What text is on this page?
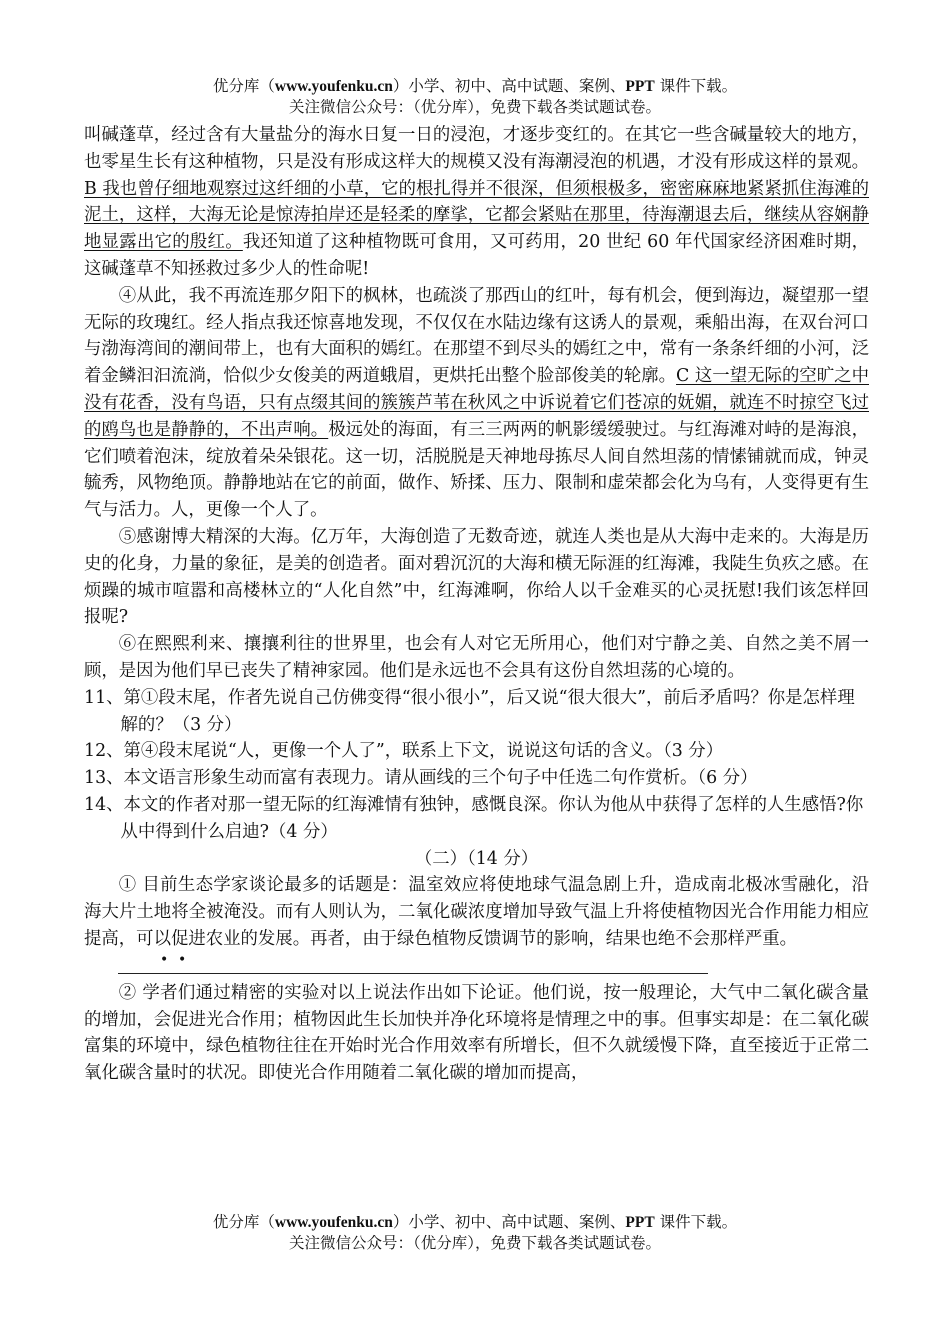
优分库（www.youfenku.cn）小学、初中、高中试题、案例、PPT 课件下载。
关注微信公众号：（优分库），免费下载各类试题试卷。

叫碱蓬草，经过含有大量盐分的海水日复一日的浸泡，才逐步变红的。在其它一些含碱量较大的地方，也零星生长有这种植物，只是没有形成这样大的规模又没有海潮浸泡的机遇，才没有形成这样的景观。B 我也曾仔细地观察过这纤细的小草，它的根扎得并不很深，但须根极多，密密麻麻地紧紧抓住海滩的泥土，这样，大海无论是惊涛拍岸还是轻柔的摩挲，它都会紧贴在那里，待海潮退去后，继续从容娴静地显露出它的殷红。我还知道了这种植物既可食用，又可药用，20 世纪 60 年代国家经济困难时期，这碱蓬草不知拯救过多少人的性命呢!

④从此，我不再流连那夕阳下的枫林，也疏淡了那西山的红叶，每有机会，便到海边，凝望那一望无际的玫瑰红。经人指点我还惊喜地发现，不仅仅在水陆边缘有这诱人的景观，乘船出海，在双台河口与渤海湾间的潮间带上，也有大面积的嫣红。在那望不到尽头的嫣红之中，常有一条条纤细的小河，泛着金鳞汩汩流淌，恰似少女俊美的两道蛾眉，更烘托出整个脸部俊美的轮廓。C 这一望无际的空旷之中没有花香，没有鸟语，只有点缀其间的簇簇芦苇在秋风之中诉说着它们苍凉的妩媚，就连不时掠空飞过的鸥鸟也是静静的，不出声响。极远处的海面，有三三两两的帆影缓缓驶过。与红海滩对峙的是海浪，它们喷着泡沫，绽放着朵朵银花。这一切，活脱脱是天神地母拣尽人间自然坦荡的情愫铺就而成，钟灵毓秀，风物绝顶。静静地站在它的前面，做作、矫揉、压力、限制和虚荣都会化为乌有，人变得更有生气与活力。人，更像一个人了。

⑤感谢博大精深的大海。亿万年，大海创造了无数奇迹，就连人类也是从大海中走来的。大海是历史的化身，力量的象征，是美的创造者。面对碧沉沉的大海和横无际涯的红海滩，我陡生负疚之感。在烦躁的城市喧嚣和高楼林立的“人化自然”中，红海滩啊，你给人以千金难买的心灵抚慰!我们该怎样回报呢?

⑥在熙熙利来、攘攘利往的世界里，也会有人对它无所用心，他们对宁静之美、自然之美不屑一顾，是因为他们早已丧失了精神家园。他们是永远也不会具有这份自然坦荡的心境的。

11、第①段末尾，作者先说自己仿佛变得“很小很小”，后又说“很大很大”，前后矛盾吗？你是怎样理解的？（3 分）

12、第④段末尾说“人，更像一个人了”，联系上下文，说说这句话的含义。（3 分）

13、本文语言形象生动而富有表现力。请从画线的三个句子中任选二句作赏析。（6 分）

14、本文的作者对那一望无际的红海滩情有独钟，感慨良深。你认为他从中获得了怎样的人生感悟?你从中得到什么启迪?（4 分）

（二）（14 分）

① 目前生态学家谈论最多的话题是：温室效应将使地球气温急剧上升，造成南北极冰雪融化，沿海大片土地将全被淹没。而有人则认为，二氧化碳浓度增加导致气温上升将使植物因光合作用能力相应提高，可以促进农业的发展。再者，由于绿色植物反馈调节的影响，结果也绝不会那样严重。

• •

② 学者们通过精密的实验对以上说法作出如下论证。他们说，按一般理论，大气中二氧化碳含量的增加，会促进光合作用；植物因此生长加快并净化环境将是情理之中的事。但事实却是：在二氧化碳富集的环境中，绿色植物往往在开始时光合作用效率有所增长，但不久就缓慢下降，直至接近于正常二氧化碳含量时的状况。即使光合作用随着二氧化碳的增加而提高，

优分库（www.youfenku.cn）小学、初中、高中试题、案例、PPT 课件下载。
关注微信公众号：（优分库），免费下载各类试题试卷。
